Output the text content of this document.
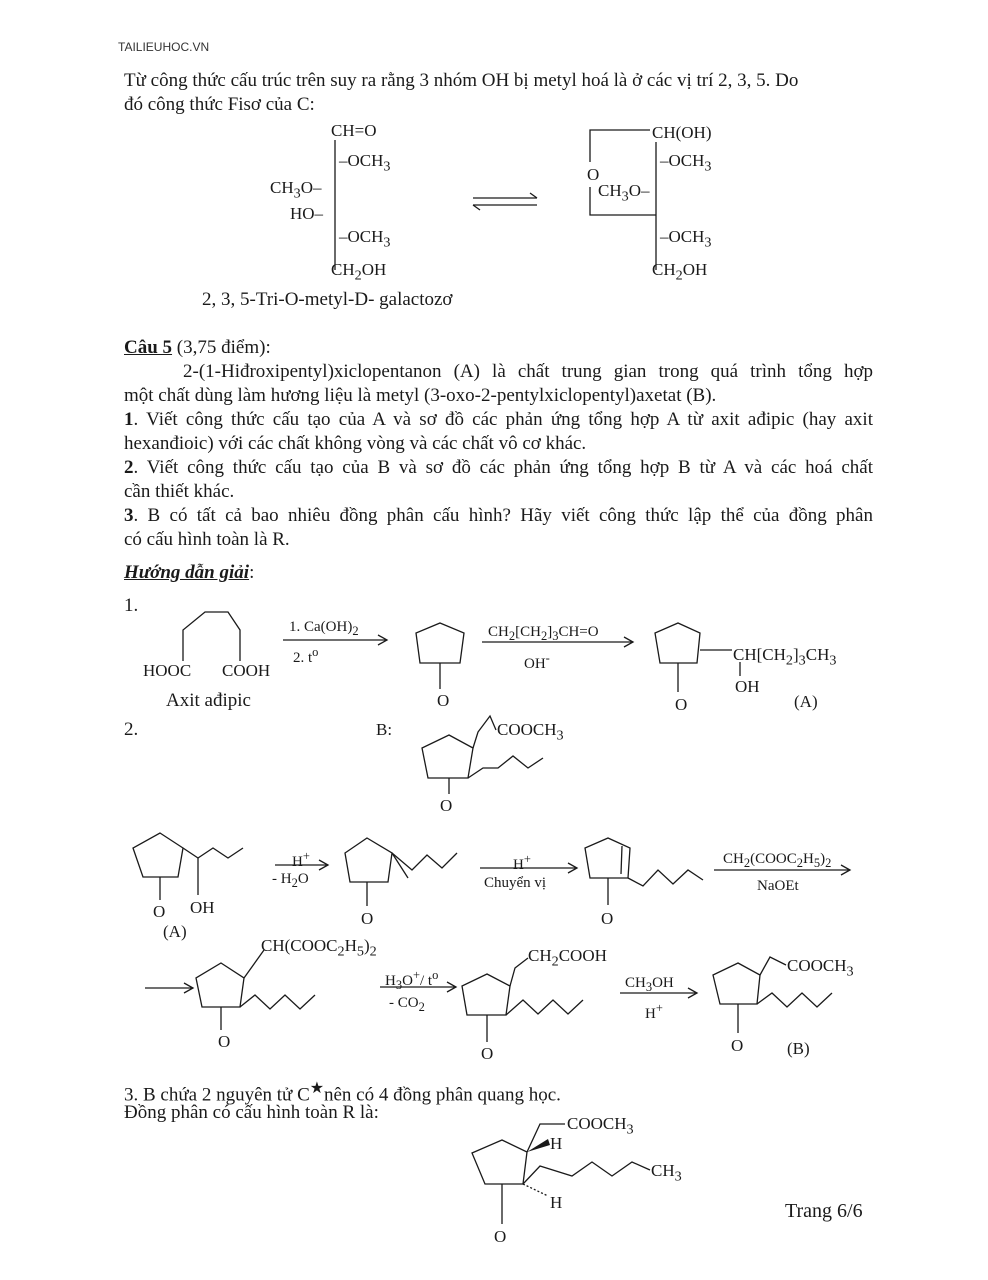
TAILIEUHOC.VN
Từ công thức cấu trúc trên suy ra rằng 3 nhóm OH bị metyl hoá là ở các vị trí 2, 3, 5. Do
đó công thức Fisơ của C:
CH=O
$-OCH_3$
$CH_3O-$
HO–
$-OCH_3$
$CH_2OH$
2, 3, 5-Tri-O-metyl-D- galactozơ
CH(OH)
$-OCH_3$
O
$CH_3O-$
$-OCH_3$
$CH_2OH$
Câu 5 (3,75 điểm):
2-(1-Hiđroxipentyl)xiclopentanon (A) là chất trung gian trong quá trình tổng hợp
một chất dùng làm hương liệu là metyl (3-oxo-2-pentylxiclopentyl)axetat (B).
1. Viết công thức cấu tạo của A và sơ đồ các phản ứng tổng hợp A từ axit ađipic (hay axit
hexanđioic) với các chất không vòng và các chất vô cơ khác.
2. Viết công thức cấu tạo của B và sơ đồ các phản ứng tổng hợp B từ A và các hoá chất
cần thiết khác.
3. B có tất cả bao nhiêu đồng phân cấu hình? Hãy viết công thức lập thể của đồng phân
có cấu hình toàn là R.
Hướng dẫn giải:
1.
HOOC COOH
Axit ađipic
1. $Ca(OH)_2$
2. $t^o$
O
$CH_2[CH_2]_3CH=O$
OH-	$CH[CH_2]_3CH_3$
OH
O	(A)
2.	B:	$COOCH_3$
O
O OH
(A)
H+
- $H_2O$
O
H+
Chuyển vị
O
$CH_2(COOC_2H_5)_2$
NaOEt
$CH(COOC_2H_5)_2$
O
$H_3O^+/$ $t^o$
- $CO_2$
$CH_2COOH$
O
$CH_3OH$
H+
$COOCH_3$
O	(B)
3. B chứa 2 nguyên tử C★nên có 4 đồng phân quang học.
Đồng phân có cấu hình toàn R là:
$COOCH_3$
H
$CH_3$
H
O
Trang 6/6
